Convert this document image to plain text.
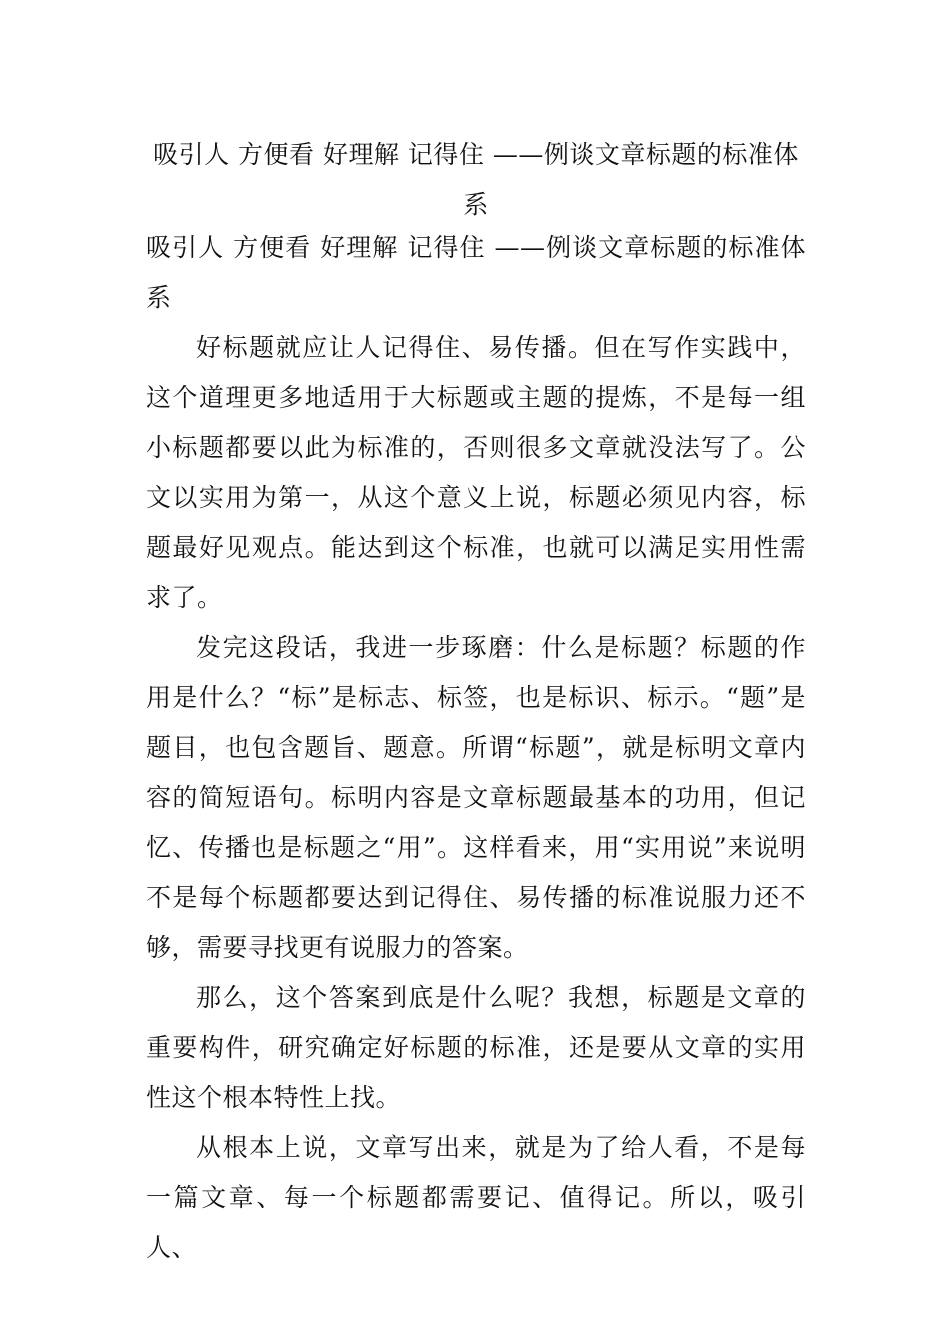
吸引人 方便看 好理解 记得住 ——例谈文章标题的标准体系

吸引人 方便看 好理解 记得住 ——例谈文章标题的标准体系

好标题就应让人记得住、易传播。但在写作实践中，这个道理更多地适用于大标题或主题的提炼，不是每一组小标题都要以此为标准的，否则很多文章就没法写了。公文以实用为第一，从这个意义上说，标题必须见内容，标题最好见观点。能达到这个标准，也就可以满足实用性需求了。

发完这段话，我进一步琢磨：什么是标题？标题的作用是什么？“标”是标志、标签，也是标识、标示。“题”是题目，也包含题旨、题意。所谓“标题”，就是标明文章内容的简短语句。标明内容是文章标题最基本的功用，但记忆、传播也是标题之“用”。这样看来，用“实用说”来说明不是每个标题都要达到记得住、易传播的标准说服力还不够，需要寻找更有说服力的答案。

那么，这个答案到底是什么呢？我想，标题是文章的重要构件，研究确定好标题的标准，还是要从文章的实用性这个根本特性上找。

从根本上说，文章写出来，就是为了给人看，不是每一篇文章、每一个标题都需要记、值得记。所以，吸引人、
